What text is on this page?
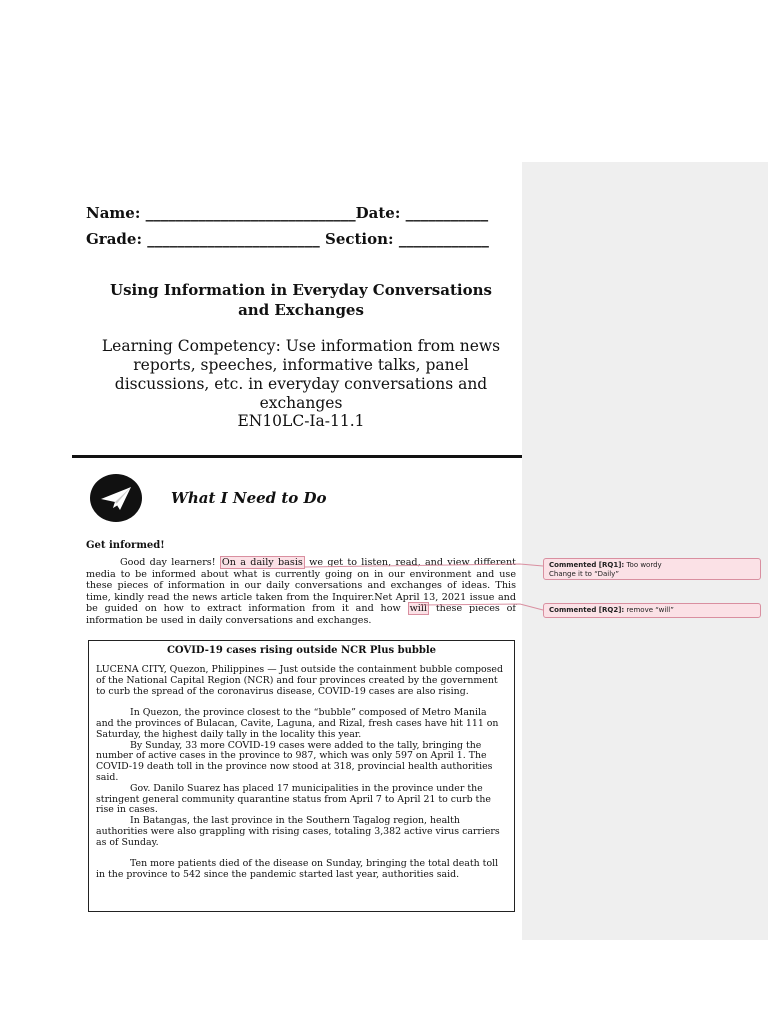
Name: ____________________________Date: ___________
Grade: _______________________ Section: ____________
Using Information in Everyday Conversations
and Exchanges
Learning Competency: Use information from news
reports, speeches, informative talks, panel
discussions, etc. in everyday conversations and
exchanges
EN10LC-Ia-11.1
What I Need to Do
Get informed!

Good day learners! On a daily basis we get to listen, read, and view different media to be informed about what is currently going on in our environment and use these pieces of information in our daily conversations and exchanges of ideas. This time, kindly read the news article taken from the Inquirer.Net April 13, 2021 issue and be guided on how to extract information from it and how will these pieces of information be used in daily conversations and exchanges.

COVID-19 cases rising outside NCR Plus bubble

LUCENA CITY, Quezon, Philippines — Just outside the containment bubble composed of the National Capital Region (NCR) and four provinces created by the government to curb the spread of the coronavirus disease, COVID-19 cases are also rising.

In Quezon, the province closest to the “bubble” composed of Metro Manila and the provinces of Bulacan, Cavite, Laguna, and Rizal, fresh cases have hit 111 on Saturday, the highest daily tally in the locality this year.

By Sunday, 33 more COVID-19 cases were added to the tally, bringing the number of active cases in the province to 987, which was only 597 on April 1. The COVID-19 death toll in the province now stood at 318, provincial health authorities said.

Gov. Danilo Suarez has placed 17 municipalities in the province under the stringent general community quarantine status from April 7 to April 21 to curb the rise in cases.

In Batangas, the last province in the Southern Tagalog region, health authorities were also grappling with rising cases, totaling 3,382 active virus carriers as of Sunday.

Ten more patients died of the disease on Sunday, bringing the total death toll in the province to 542 since the pandemic started last year, authorities said.

Commented [RQ1]: Too wordy
Change it to “Daily”
Commented [RQ2]: remove “will”
